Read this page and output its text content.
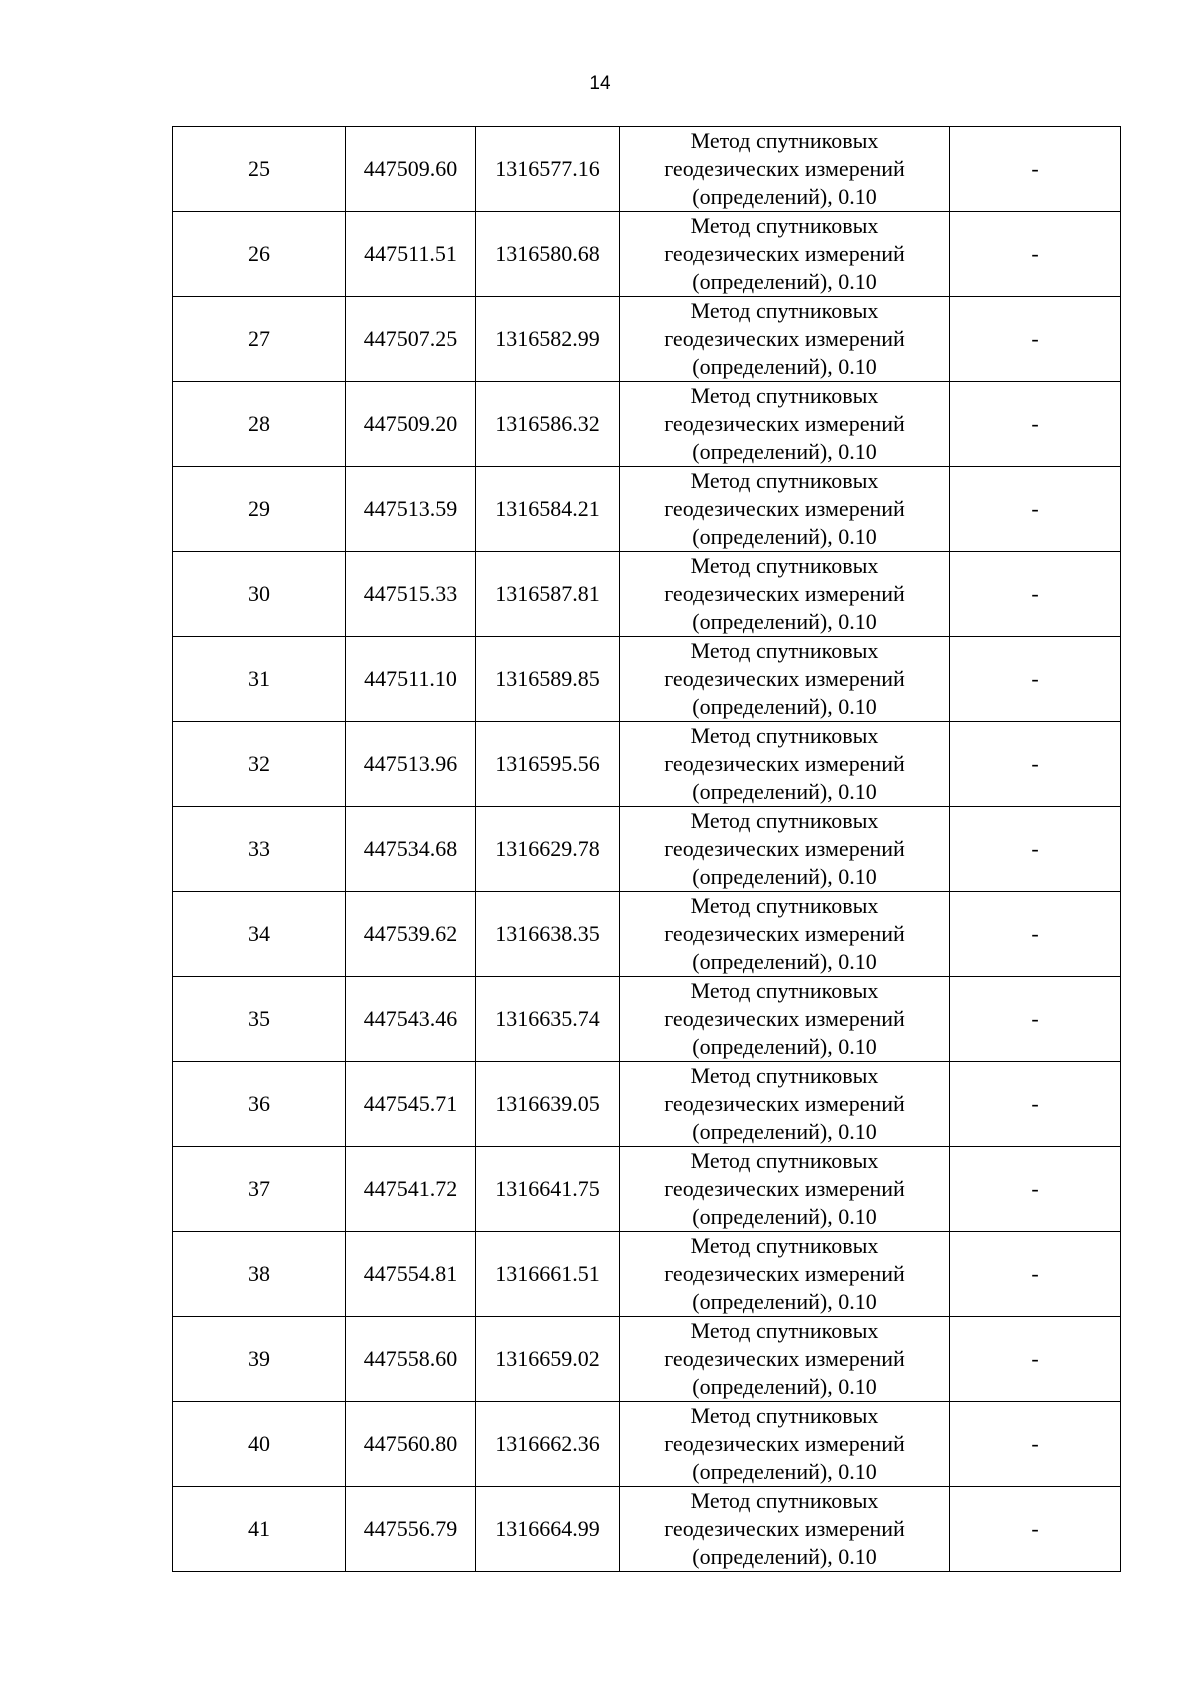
14
25	447509.60	1316577.16	Метод спутниковых
геодезических измерений
(определений), 0.10	-
26	447511.51	1316580.68	Метод спутниковых
геодезических измерений
(определений), 0.10	-
27	447507.25	1316582.99	Метод спутниковых
геодезических измерений
(определений), 0.10	-
28	447509.20	1316586.32	Метод спутниковых
геодезических измерений
(определений), 0.10	-
29	447513.59	1316584.21	Метод спутниковых
геодезических измерений
(определений), 0.10	-
30	447515.33	1316587.81	Метод спутниковых
геодезических измерений
(определений), 0.10	-
31	447511.10	1316589.85	Метод спутниковых
геодезических измерений
(определений), 0.10	-
32	447513.96	1316595.56	Метод спутниковых
геодезических измерений
(определений), 0.10	-
33	447534.68	1316629.78	Метод спутниковых
геодезических измерений
(определений), 0.10	-
34	447539.62	1316638.35	Метод спутниковых
геодезических измерений
(определений), 0.10	-
35	447543.46	1316635.74	Метод спутниковых
геодезических измерений
(определений), 0.10	-
36	447545.71	1316639.05	Метод спутниковых
геодезических измерений
(определений), 0.10	-
37	447541.72	1316641.75	Метод спутниковых
геодезических измерений
(определений), 0.10	-
38	447554.81	1316661.51	Метод спутниковых
геодезических измерений
(определений), 0.10	-
39	447558.60	1316659.02	Метод спутниковых
геодезических измерений
(определений), 0.10	-
40	447560.80	1316662.36	Метод спутниковых
геодезических измерений
(определений), 0.10	-
41	447556.79	1316664.99	Метод спутниковых
геодезических измерений
(определений), 0.10	-
